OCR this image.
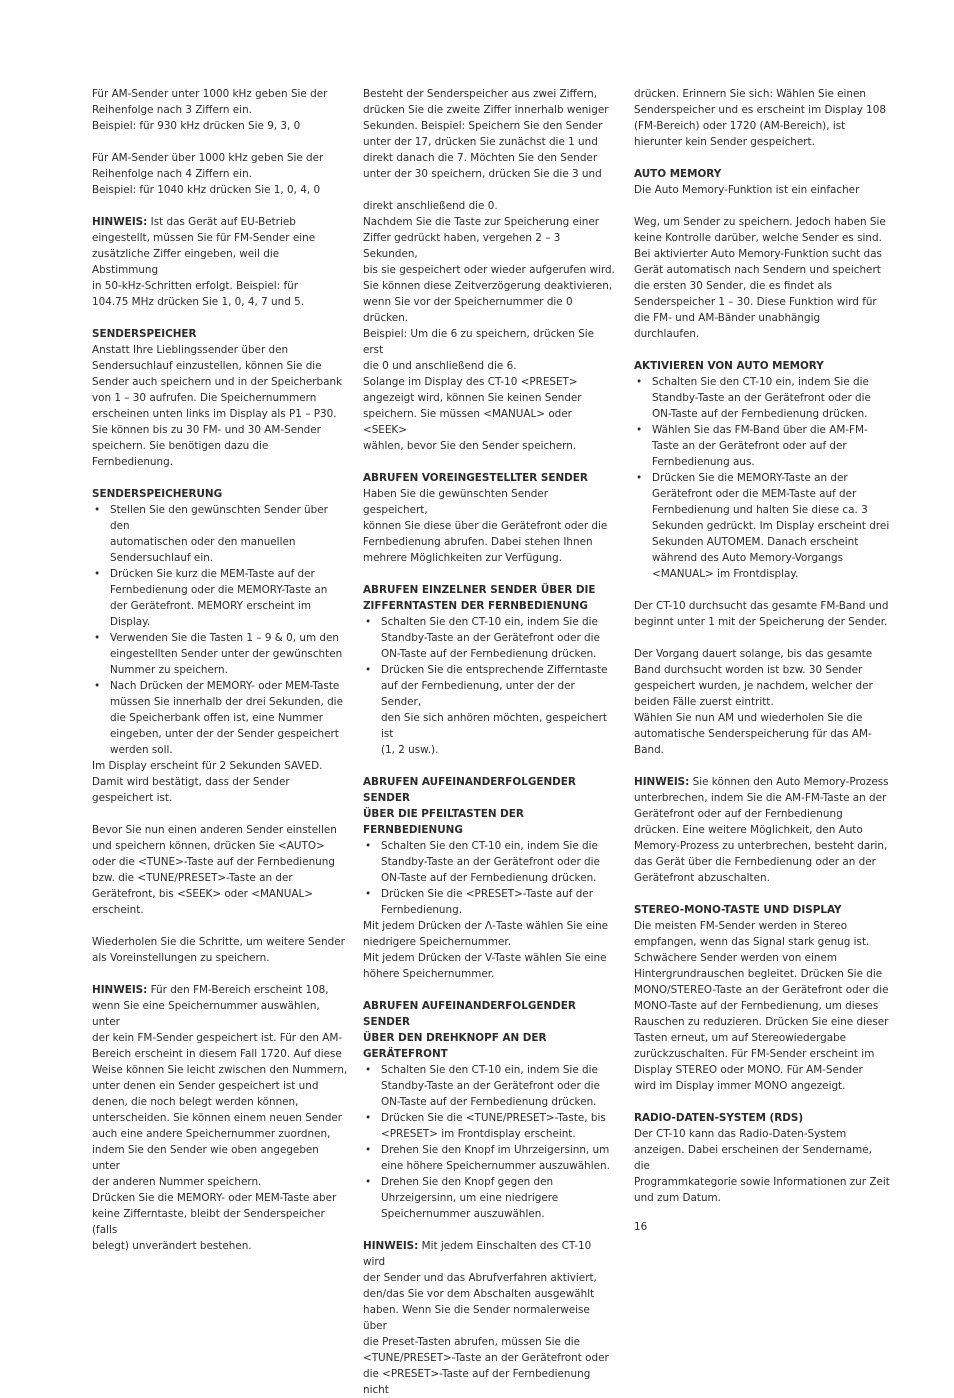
Für AM-Sender unter 1000 kHz geben Sie der
Reihenfolge nach 3 Ziffern ein.
Beispiel: für 930 kHz drücken Sie 9, 3, 0

Für AM-Sender über 1000 kHz geben Sie der
Reihenfolge nach 4 Ziffern ein.
Beispiel: für 1040 kHz drücken Sie 1, 0, 4, 0

HINWEIS: Ist das Gerät auf EU-Betrieb
eingestellt, müssen Sie für FM-Sender eine
zusätzliche Ziffer eingeben, weil die Abstimmung
in 50-kHz-Schritten erfolgt. Beispiel: für
104.75 MHz drücken Sie 1, 0, 4, 7 und 5.

SENDERSPEICHER

Anstatt Ihre Lieblingssender über den
Sendersuchlauf einzustellen, können Sie die
Sender auch speichern und in der Speicherbank
von 1 – 30 aufrufen. Die Speichernummern
erscheinen unten links im Display als P1 – P30.
Sie können bis zu 30 FM- und 30 AM-Sender
speichern. Sie benötigen dazu die
Fernbedienung.

SENDERSPEICHERUNG

• Stellen Sie den gewünschten Sender über den
automatischen oder den manuellen
Sendersuchlauf ein.
• Drücken Sie kurz die MEM-Taste auf der
Fernbedienung oder die MEMORY-Taste an
der Gerätefront. MEMORY erscheint im
Display.
• Verwenden Sie die Tasten 1 – 9 & 0, um den
eingestellten Sender unter der gewünschten
Nummer zu speichern.
• Nach Drücken der MEMORY- oder MEM-Taste
müssen Sie innerhalb der drei Sekunden, die
die Speicherbank offen ist, eine Nummer
eingeben, unter der der Sender gespeichert
werden soll.

Im Display erscheint für 2 Sekunden SAVED.
Damit wird bestätigt, dass der Sender
gespeichert ist.

Bevor Sie nun einen anderen Sender einstellen
und speichern können, drücken Sie <AUTO>
oder die <TUNE>-Taste auf der Fernbedienung
bzw. die <TUNE/PRESET>-Taste an der
Gerätefront, bis <SEEK> oder <MANUAL>
erscheint.

Wiederholen Sie die Schritte, um weitere Sender
als Voreinstellungen zu speichern.

HINWEIS: Für den FM-Bereich erscheint 108,
wenn Sie eine Speichernummer auswählen, unter
der kein FM-Sender gespeichert ist. Für den AM-
Bereich erscheint in diesem Fall 1720. Auf diese
Weise können Sie leicht zwischen den Nummern,
unter denen ein Sender gespeichert ist und
denen, die noch belegt werden können,
unterscheiden. Sie können einem neuen Sender
auch eine andere Speichernummer zuordnen,
indem Sie den Sender wie oben angegeben unter
der anderen Nummer speichern.
Drücken Sie die MEMORY- oder MEM-Taste aber
keine Zifferntaste, bleibt der Senderspeicher (falls
belegt) unverändert bestehen.

Besteht der Senderspeicher aus zwei Ziffern,
drücken Sie die zweite Ziffer innerhalb weniger
Sekunden. Beispiel: Speichern Sie den Sender
unter der 17, drücken Sie zunächst die 1 und
direkt danach die 7. Möchten Sie den Sender
unter der 30 speichern, drücken Sie die 3 und

direkt anschließend die 0.
Nachdem Sie die Taste zur Speicherung einer
Ziffer gedrückt haben, vergehen 2 – 3 Sekunden,
bis sie gespeichert oder wieder aufgerufen wird.
Sie können diese Zeitverzögerung deaktivieren,
wenn Sie vor der Speichernummer die 0 drücken.
Beispiel: Um die 6 zu speichern, drücken Sie erst
die 0 und anschließend die 6.
Solange im Display des CT-10 <PRESET>
angezeigt wird, können Sie keinen Sender
speichern. Sie müssen <MANUAL> oder <SEEK>
wählen, bevor Sie den Sender speichern.

ABRUFEN VOREINGESTELLTER SENDER

Haben Sie die gewünschten Sender gespeichert,
können Sie diese über die Gerätefront oder die
Fernbedienung abrufen. Dabei stehen Ihnen
mehrere Möglichkeiten zur Verfügung.

ABRUFEN EINZELNER SENDER ÜBER DIE
ZIFFERNTASTEN DER FERNBEDIENUNG

• Schalten Sie den CT-10 ein, indem Sie die
Standby-Taste an der Gerätefront oder die
ON-Taste auf der Fernbedienung drücken.
• Drücken Sie die entsprechende Zifferntaste
auf der Fernbedienung, unter der der Sender,
den Sie sich anhören möchten, gespeichert ist
(1, 2 usw.).

ABRUFEN AUFEINANDERFOLGENDER SENDER
ÜBER DIE PFEILTASTEN DER FERNBEDIENUNG

• Schalten Sie den CT-10 ein, indem Sie die
Standby-Taste an der Gerätefront oder die
ON-Taste auf der Fernbedienung drücken.
• Drücken Sie die <PRESET>-Taste auf der
Fernbedienung.

Mit jedem Drücken der Λ-Taste wählen Sie eine
niedrigere Speichernummer.
Mit jedem Drücken der V-Taste wählen Sie eine
höhere Speichernummer.

ABRUFEN AUFEINANDERFOLGENDER SENDER
ÜBER DEN DREHKNOPF AN DER GERÄTEFRONT

• Schalten Sie den CT-10 ein, indem Sie die
Standby-Taste an der Gerätefront oder die
ON-Taste auf der Fernbedienung drücken.
• Drücken Sie die <TUNE/PRESET>-Taste, bis
<PRESET> im Frontdisplay erscheint.
• Drehen Sie den Knopf im Uhrzeigersinn, um
eine höhere Speichernummer auszuwählen.
• Drehen Sie den Knopf gegen den
Uhrzeigersinn, um eine niedrigere
Speichernummer auszuwählen.

HINWEIS: Mit jedem Einschalten des CT-10 wird
der Sender und das Abrufverfahren aktiviert,
den/das Sie vor dem Abschalten ausgewählt
haben. Wenn Sie die Sender normalerweise über
die Preset-Tasten abrufen, müssen Sie die
<TUNE/PRESET>-Taste an der Gerätefront oder
die <PRESET>-Taste auf der Fernbedienung nicht

drücken. Erinnern Sie sich: Wählen Sie einen
Senderspeicher und es erscheint im Display 108
(FM-Bereich) oder 1720 (AM-Bereich), ist
hierunter kein Sender gespeichert.

AUTO MEMORY

Die Auto Memory-Funktion ist ein einfacher

Weg, um Sender zu speichern. Jedoch haben Sie
keine Kontrolle darüber, welche Sender es sind.
Bei aktivierter Auto Memory-Funktion sucht das
Gerät automatisch nach Sendern und speichert
die ersten 30 Sender, die es findet als
Senderspeicher 1 – 30. Diese Funktion wird für
die FM- und AM-Bänder unabhängig
durchlaufen.

AKTIVIEREN VON AUTO MEMORY

• Schalten Sie den CT-10 ein, indem Sie die
Standby-Taste an der Gerätefront oder die
ON-Taste auf der Fernbedienung drücken.
• Wählen Sie das FM-Band über die AM-FM-
Taste an der Gerätefront oder auf der
Fernbedienung aus.
• Drücken Sie die MEMORY-Taste an der
Gerätefront oder die MEM-Taste auf der
Fernbedienung und halten Sie diese ca. 3
Sekunden gedrückt. Im Display erscheint drei
Sekunden AUTOMEM. Danach erscheint
während des Auto Memory-Vorgangs
<MANUAL> im Frontdisplay.

Der CT-10 durchsucht das gesamte FM-Band und
beginnt unter 1 mit der Speicherung der Sender.

Der Vorgang dauert solange, bis das gesamte
Band durchsucht worden ist bzw. 30 Sender
gespeichert wurden, je nachdem, welcher der
beiden Fälle zuerst eintritt.
Wählen Sie nun AM und wiederholen Sie die
automatische Senderspeicherung für das AM-Band.

HINWEIS: Sie können den Auto Memory-Prozess
unterbrechen, indem Sie die AM-FM-Taste an der
Gerätefront oder auf der Fernbedienung
drücken. Eine weitere Möglichkeit, den Auto
Memory-Prozess zu unterbrechen, besteht darin,
das Gerät über die Fernbedienung oder an der
Gerätefront abzuschalten.

STEREO-MONO-TASTE UND DISPLAY

Die meisten FM-Sender werden in Stereo
empfangen, wenn das Signal stark genug ist.
Schwächere Sender werden von einem
Hintergrundrauschen begleitet. Drücken Sie die
MONO/STEREO-Taste an der Gerätefront oder die
MONO-Taste auf der Fernbedienung, um dieses
Rauschen zu reduzieren. Drücken Sie eine dieser
Tasten erneut, um auf Stereowiedergabe
zurückzuschalten. Für FM-Sender erscheint im
Display STEREO oder MONO. Für AM-Sender
wird im Display immer MONO angezeigt.

RADIO-DATEN-SYSTEM (RDS)

Der CT-10 kann das Radio-Daten-System
anzeigen. Dabei erscheinen der Sendername, die
Programmkategorie sowie Informationen zur Zeit
und zum Datum.

16
